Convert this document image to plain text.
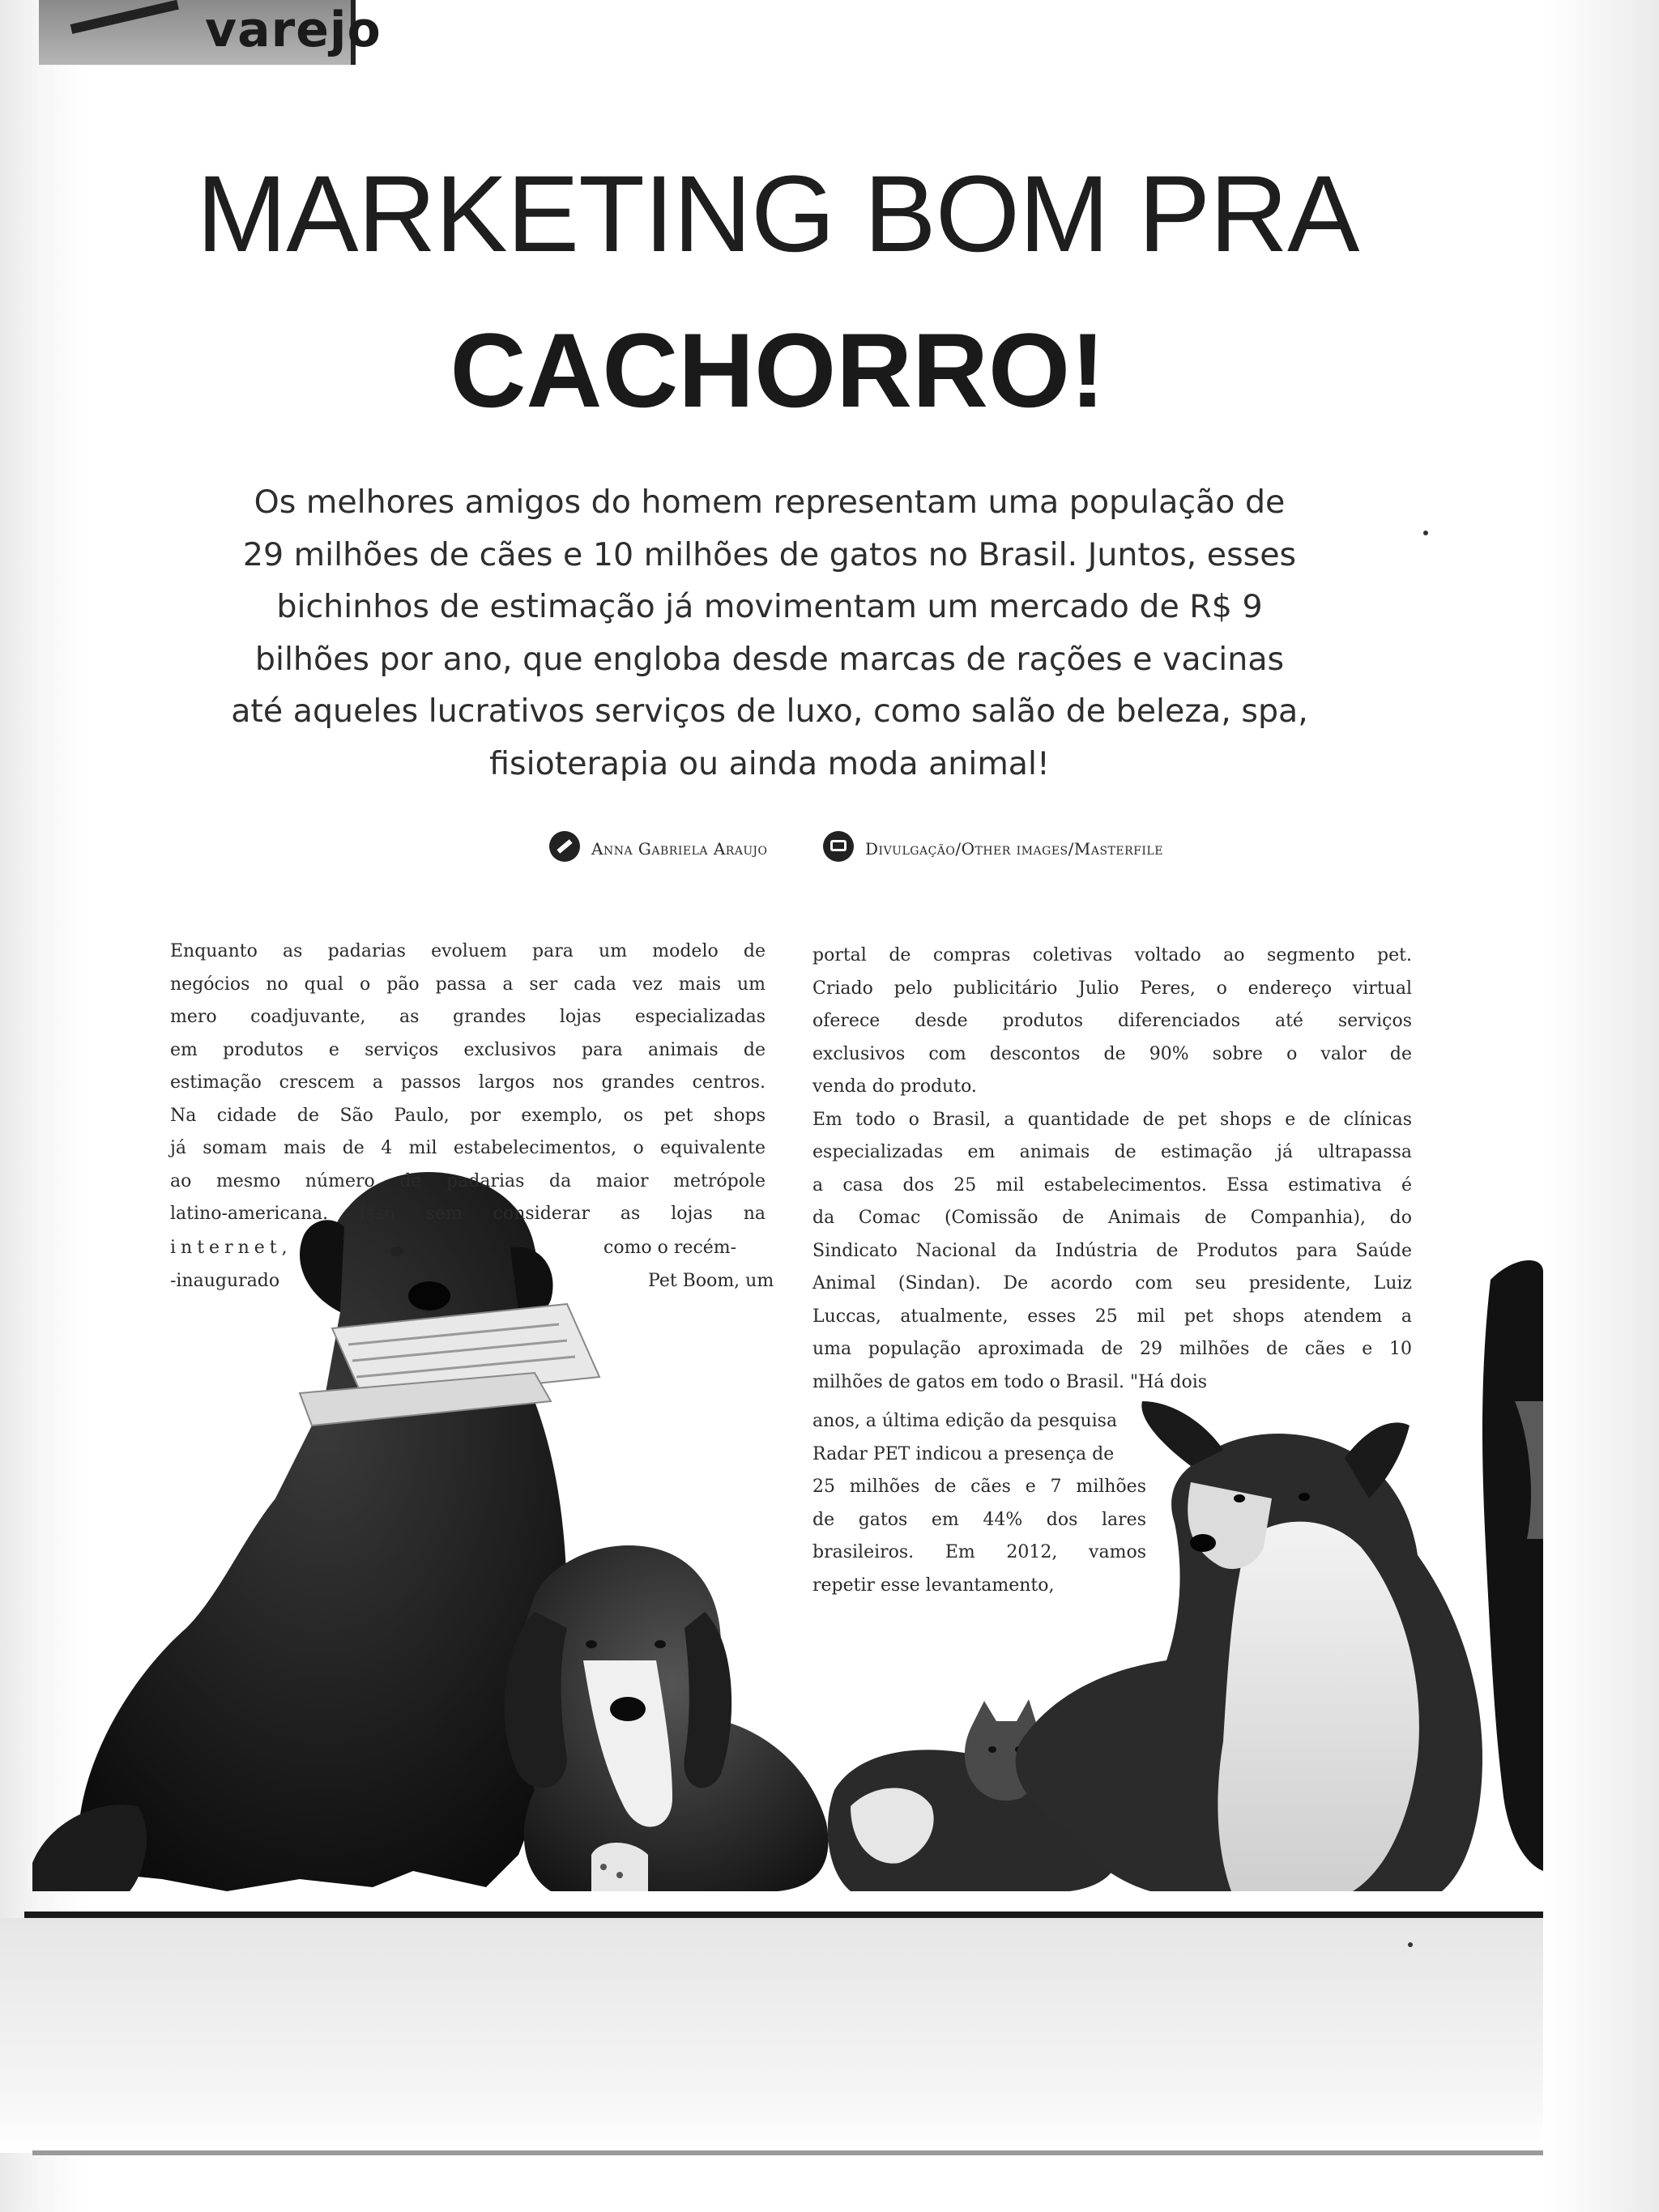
varejo
MARKETING BOM PRA
CACHORRO!
Os melhores amigos do homem representam uma população de
29 milhões de cães e 10 milhões de gatos no Brasil. Juntos, esses
bichinhos de estimação já movimentam um mercado de R$ 9
bilhões por ano, que engloba desde marcas de rações e vacinas
até aqueles lucrativos serviços de luxo, como salão de beleza, spa,
fisioterapia ou ainda moda animal!
Anna Gabriela Araujo	Divulgação/Other images/Masterfile

Enquanto as padarias evoluem para um modelo de

negócios no qual o pão passa a ser cada vez mais um

mero coadjuvante, as grandes lojas especializadas

em produtos e serviços exclusivos para animais de

estimação crescem a passos largos nos grandes centros.

Na cidade de São Paulo, por exemplo, os pet shops

já somam mais de 4 mil estabelecimentos, o equivalente

ao mesmo número de padarias da maior metrópole

latino-americana. Isso sem considerar as lojas na

internet,	como o recém-
-inaugurado	Pet Boom, um

portal de compras coletivas voltado ao segmento pet.

Criado pelo publicitário Julio Peres, o endereço virtual

oferece desde produtos diferenciados até serviços

exclusivos com descontos de 90% sobre o valor de

venda do produto.

Em todo o Brasil, a quantidade de pet shops e de clínicas

especializadas em animais de estimação já ultrapassa

a casa dos 25 mil estabelecimentos. Essa estimativa é

da Comac (Comissão de Animais de Companhia), do

Sindicato Nacional da Indústria de Produtos para Saúde

Animal (Sindan). De acordo com seu presidente, Luiz

Luccas, atualmente, esses 25 mil pet shops atendem a

uma população aproximada de 29 milhões de cães e 10

milhões de gatos em todo o Brasil. "Há dois

anos, a última edição da pesquisa

Radar PET indicou a presença de

25 milhões de cães e 7 milhões

de gatos em 44% dos lares

brasileiros. Em 2012, vamos

repetir esse levantamento,
